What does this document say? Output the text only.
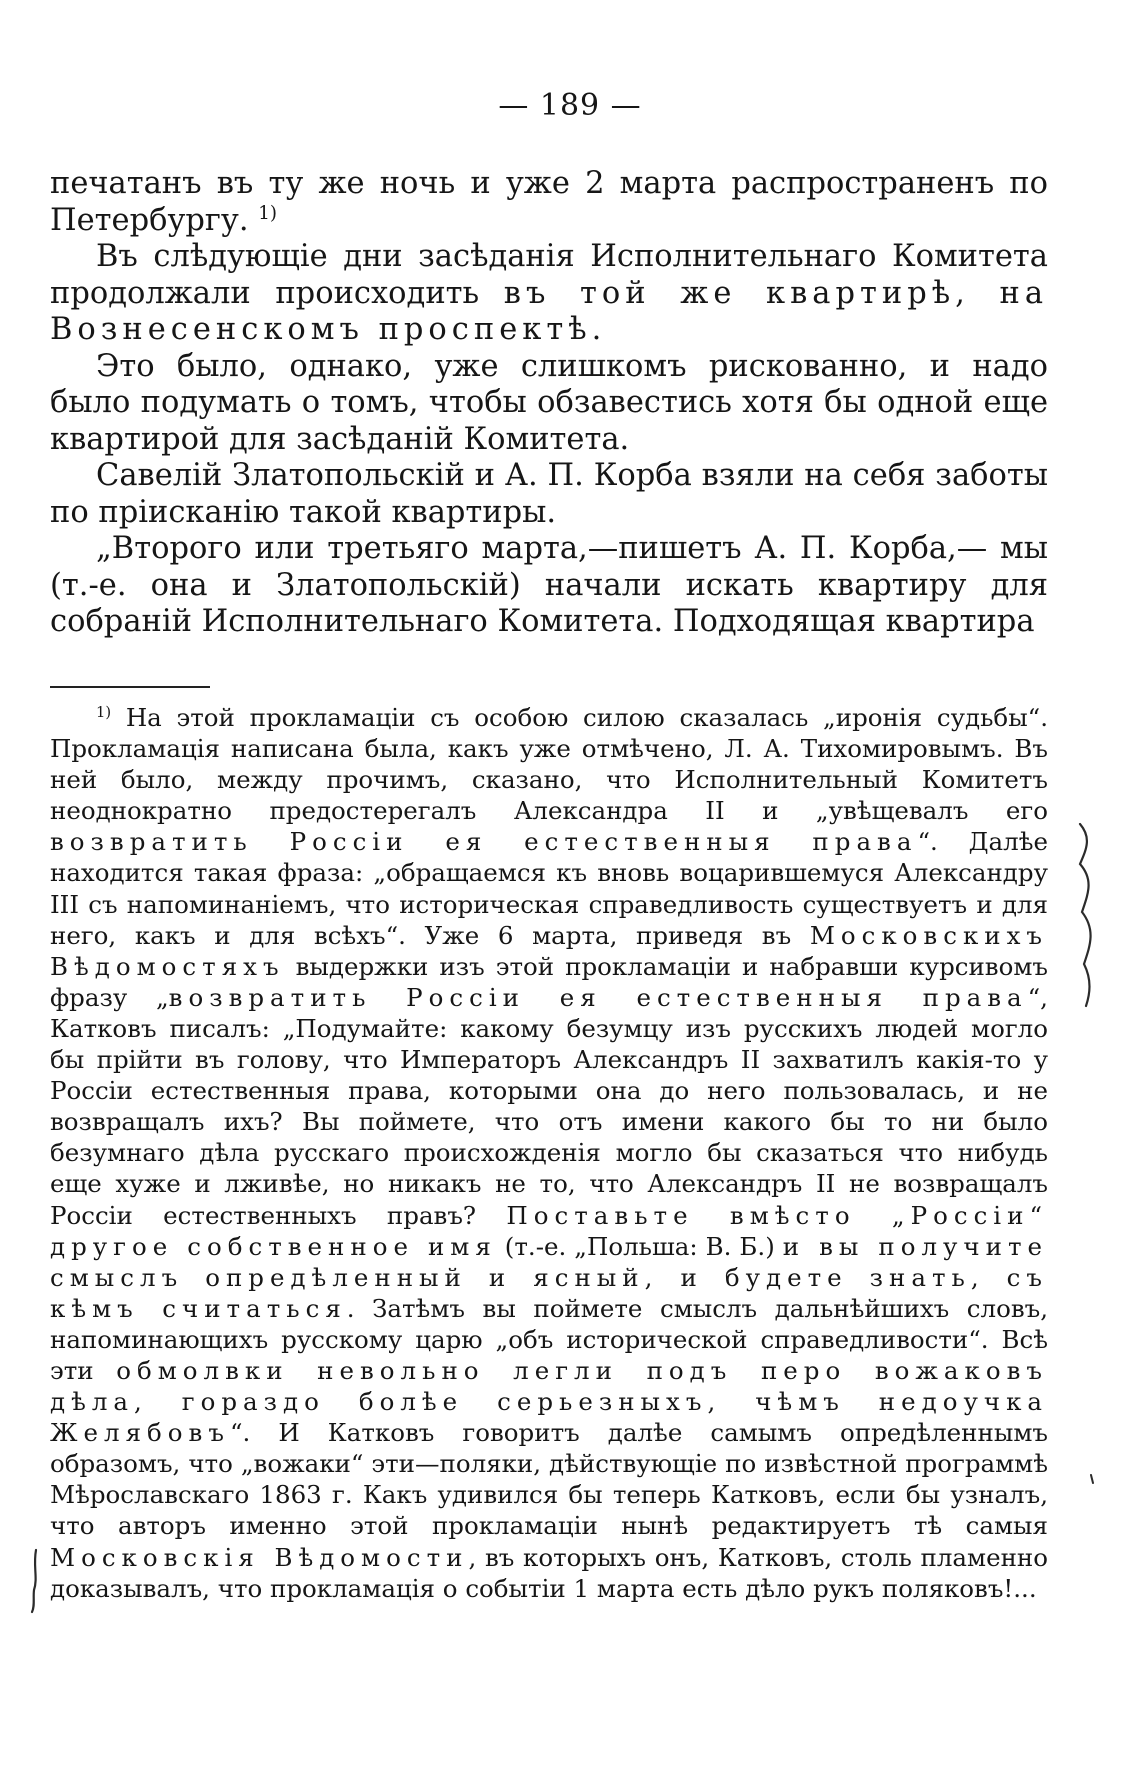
— 189 —

печатанъ въ ту же ночь и уже 2 марта распространенъ по Петербургу. $^{1)}$

Въ слѣдующіе дни засѣданія Исполнительнаго Комитета продолжали происходить въ той же квартирѣ, на Вознесенскомъ проспектѣ.

Это было, однако, уже слишкомъ рискованно, и надо было подумать о томъ, чтобы обзавестись хотя бы одной еще квартирой для засѣданій Комитета.

Савелій Златопольскій и А. П. Корба взяли на себя заботы по пріисканію такой квартиры.

„Второго или третьяго марта,—пишетъ А. П. Корба,— мы (т.-е. она и Златопольскій) начали искать квартиру для собраній Исполнительнаго Комитета. Подходящая квартира

$^{1)}$ На этой прокламаціи съ особою силою сказалась „иронія судьбы“. Прокламація написана была, какъ уже отмѣчено, Л. А. Тихомировымъ. Въ ней было, между прочимъ, сказано, что Исполнительный Комитетъ неоднократно предостерегалъ Александра II и „увѣщевалъ его возвратить Россіи ея естественныя права“. Далѣе находится такая фраза: „обращаемся къ вновь воцарившемуся Александру III съ напоминаніемъ, что историческая справедливость существуетъ и для него, какъ и для всѣхъ“. Уже 6 марта, приведя въ Московскихъ Вѣдомостяхъ выдержки изъ этой прокламаціи и набравши курсивомъ фразу „возвратить Россіи ея естественныя права“, Катковъ писалъ: „Подумайте: какому безумцу изъ русскихъ людей могло бы прійти въ голову, что Императоръ Александръ II захватилъ какія-то у Россіи естественныя права, которыми она до него пользовалась, и не возвращалъ ихъ? Вы поймете, что отъ имени какого бы то ни было безумнаго дѣла русскаго происхожденія могло бы сказаться что нибудь еще хуже и лживѣе, но никакъ не то, что Александръ II не возвращалъ Россіи естественныхъ правъ? Поставьте вмѣсто „Россіи“ другое собственное имя (т.-е. „Польша: В. Б.) и вы получите смыслъ опредѣленный и ясный, и будете знать, съ кѣмъ считаться. Затѣмъ вы поймете смыслъ дальнѣйшихъ словъ, напоминающихъ русскому царю „объ исторической справедливости“. Всѣ эти обмолвки невольно легли подъ перо вожаковъ дѣла, гораздо болѣе серьезныхъ, чѣмъ недоучка Желябовъ“. И Катковъ говоритъ далѣе самымъ опредѣленнымъ образомъ, что „вожаки“ эти—поляки, дѣйствующіе по извѣстной программѣ Мѣрославскаго 1863 г. Какъ удивился бы теперь Катковъ, если бы узналъ, что авторъ именно этой прокламаціи нынѣ редактируетъ тѣ самыя Московскія Вѣдомости, въ которыхъ онъ, Катковъ, столь пламенно доказывалъ, что прокламація о событіи 1 марта есть дѣло рукъ поляковъ!...
